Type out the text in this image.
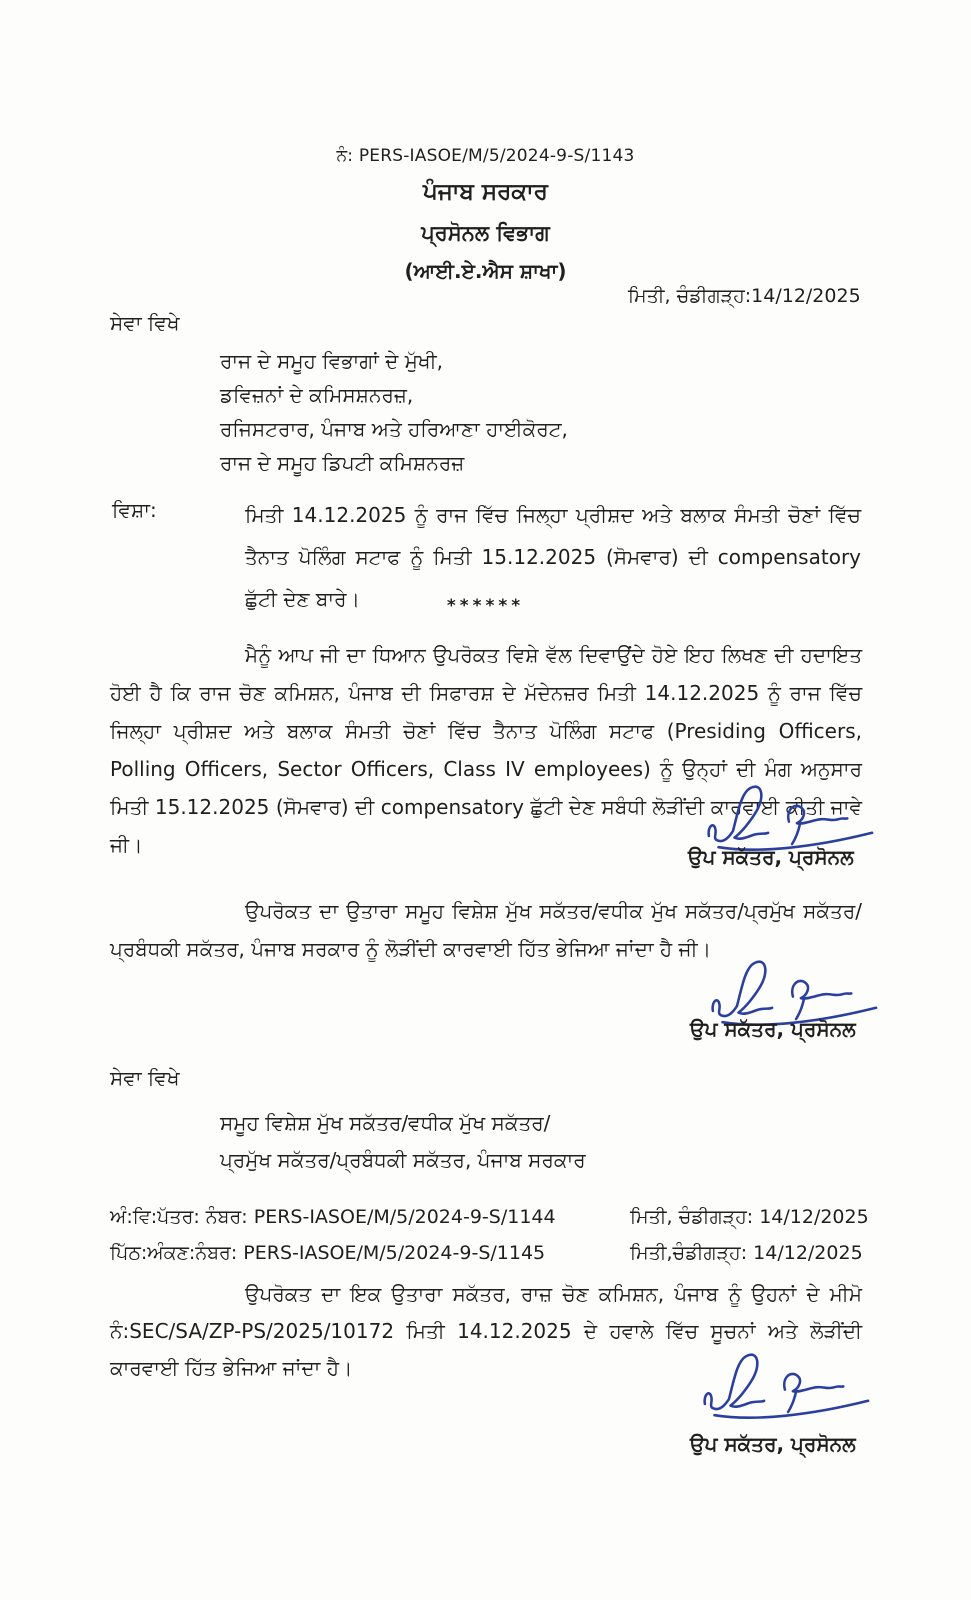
ਨੰ: PERS-IASOE/M/5/2024-9-S/1143
ਪੰਜਾਬ ਸਰਕਾਰ
ਪ੍ਰਸੋਨਲ ਵਿਭਾਗ
(ਆਈ.ਏ.ਐਸ ਸ਼ਾਖਾ)
ਮਿਤੀ, ਚੰਡੀਗੜ੍ਹ:14/12/2025
ਸੇਵਾ ਵਿਖੇ
ਰਾਜ ਦੇ ਸਮੂਹ ਵਿਭਾਗਾਂ ਦੇ ਮੁੱਖੀ,
ਡਵਿਜ਼ਨਾਂ ਦੇ ਕਮਿਸਸ਼ਨਰਜ਼,
ਰਜਿਸਟਰਾਰ, ਪੰਜਾਬ ਅਤੇ ਹਰਿਆਣਾ ਹਾਈਕੋਰਟ,
ਰਾਜ ਦੇ ਸਮੂਹ ਡਿਪਟੀ ਕਮਿਸ਼ਨਰਜ਼
ਵਿਸ਼ਾ:	ਮਿਤੀ 14.12.2025 ਨੂੰ ਰਾਜ ਵਿੱਚ ਜਿਲ੍ਹਾ ਪ੍ਰੀਸ਼ਦ ਅਤੇ ਬਲਾਕ ਸੰਮਤੀ ਚੋਣਾਂ ਵਿੱਚ ਤੈਨਾਤ ਪੋਲਿੰਗ ਸਟਾਫ ਨੂੰ ਮਿਤੀ 15.12.2025 (ਸੋਮਵਾਰ) ਦੀ compensatory ਛੁੱਟੀ ਦੇਣ ਬਾਰੇ।	******
ਮੈਨੂੰ ਆਪ ਜੀ ਦਾ ਧਿਆਨ ਉਪਰੋਕਤ ਵਿਸ਼ੇ ਵੱਲ ਦਿਵਾਉਂਦੇ ਹੋਏ ਇਹ ਲਿਖਣ ਦੀ ਹਦਾਇਤ ਹੋਈ ਹੈ ਕਿ ਰਾਜ ਚੋਣ ਕਮਿਸ਼ਨ, ਪੰਜਾਬ ਦੀ ਸਿਫਾਰਸ਼ ਦੇ ਮੱਦੇਨਜ਼ਰ ਮਿਤੀ 14.12.2025 ਨੂੰ ਰਾਜ ਵਿੱਚ ਜਿਲ੍ਹਾ ਪ੍ਰੀਸ਼ਦ ਅਤੇ ਬਲਾਕ ਸੰਮਤੀ ਚੋਣਾਂ ਵਿੱਚ ਤੈਨਾਤ ਪੋਲਿੰਗ ਸਟਾਫ (Presiding Officers, Polling Officers, Sector Officers, Class IV employees) ਨੂੰ ਉਨ੍ਹਾਂ ਦੀ ਮੰਗ ਅਨੁਸਾਰ ਮਿਤੀ 15.12.2025 (ਸੋਮਵਾਰ) ਦੀ compensatory ਛੁੱਟੀ ਦੇਣ ਸਬੰਧੀ ਲੋੜੀਂਦੀ ਕਾਰਵਾਈ ਕੀਤੀ ਜਾਵੇ ਜੀ।	ਉਪ ਸਕੱਤਰ, ਪ੍ਰਸੋਨਲ
ਉਪਰੋਕਤ ਦਾ ਉਤਾਰਾ ਸਮੂਹ ਵਿਸ਼ੇਸ਼ ਮੁੱਖ ਸਕੱਤਰ/ਵਧੀਕ ਮੁੱਖ ਸਕੱਤਰ/ਪ੍ਰਮੁੱਖ ਸਕੱਤਰ/ਪ੍ਰਬੰਧਕੀ ਸਕੱਤਰ, ਪੰਜਾਬ ਸਰਕਾਰ ਨੂੰ ਲੋੜੀਂਦੀ ਕਾਰਵਾਈ ਹਿੱਤ ਭੇਜਿਆ ਜਾਂਦਾ ਹੈ ਜੀ।
ਉਪ ਸਕੱਤਰ, ਪ੍ਰਸੋਨਲ
ਸੇਵਾ ਵਿਖੇ
ਸਮੂਹ ਵਿਸ਼ੇਸ਼ ਮੁੱਖ ਸਕੱਤਰ/ਵਧੀਕ ਮੁੱਖ ਸਕੱਤਰ/
ਪ੍ਰਮੁੱਖ ਸਕੱਤਰ/ਪ੍ਰਬੰਧਕੀ ਸਕੱਤਰ, ਪੰਜਾਬ ਸਰਕਾਰ
ਅੰ:ਵਿ:ਪੱਤਰ: ਨੰਬਰ: PERS-IASOE/M/5/2024-9-S/1144	ਮਿਤੀ, ਚੰਡੀਗੜ੍ਹ: 14/12/2025
ਪਿੱਠ:ਅੰਕਣ:ਨੰਬਰ: PERS-IASOE/M/5/2024-9-S/1145	ਮਿਤੀ,ਚੰਡੀਗੜ੍ਹ: 14/12/2025
ਉਪਰੋਕਤ ਦਾ ਇਕ ਉਤਾਰਾ ਸਕੱਤਰ, ਰਾਜ਼ ਚੋਣ ਕਮਿਸ਼ਨ, ਪੰਜਾਬ ਨੂੰ ਉਹਨਾਂ ਦੇ ਮੀਮੋ ਨੰ:SEC/SA/ZP-PS/2025/10172 ਮਿਤੀ 14.12.2025 ਦੇ ਹਵਾਲੇ ਵਿੱਚ ਸੂਚਨਾਂ ਅਤੇ ਲੋੜੀਂਦੀ ਕਾਰਵਾਈ ਹਿੱਤ ਭੇਜਿਆ ਜਾਂਦਾ ਹੈ।
ਉਪ ਸਕੱਤਰ, ਪ੍ਰਸੋਨਲ
